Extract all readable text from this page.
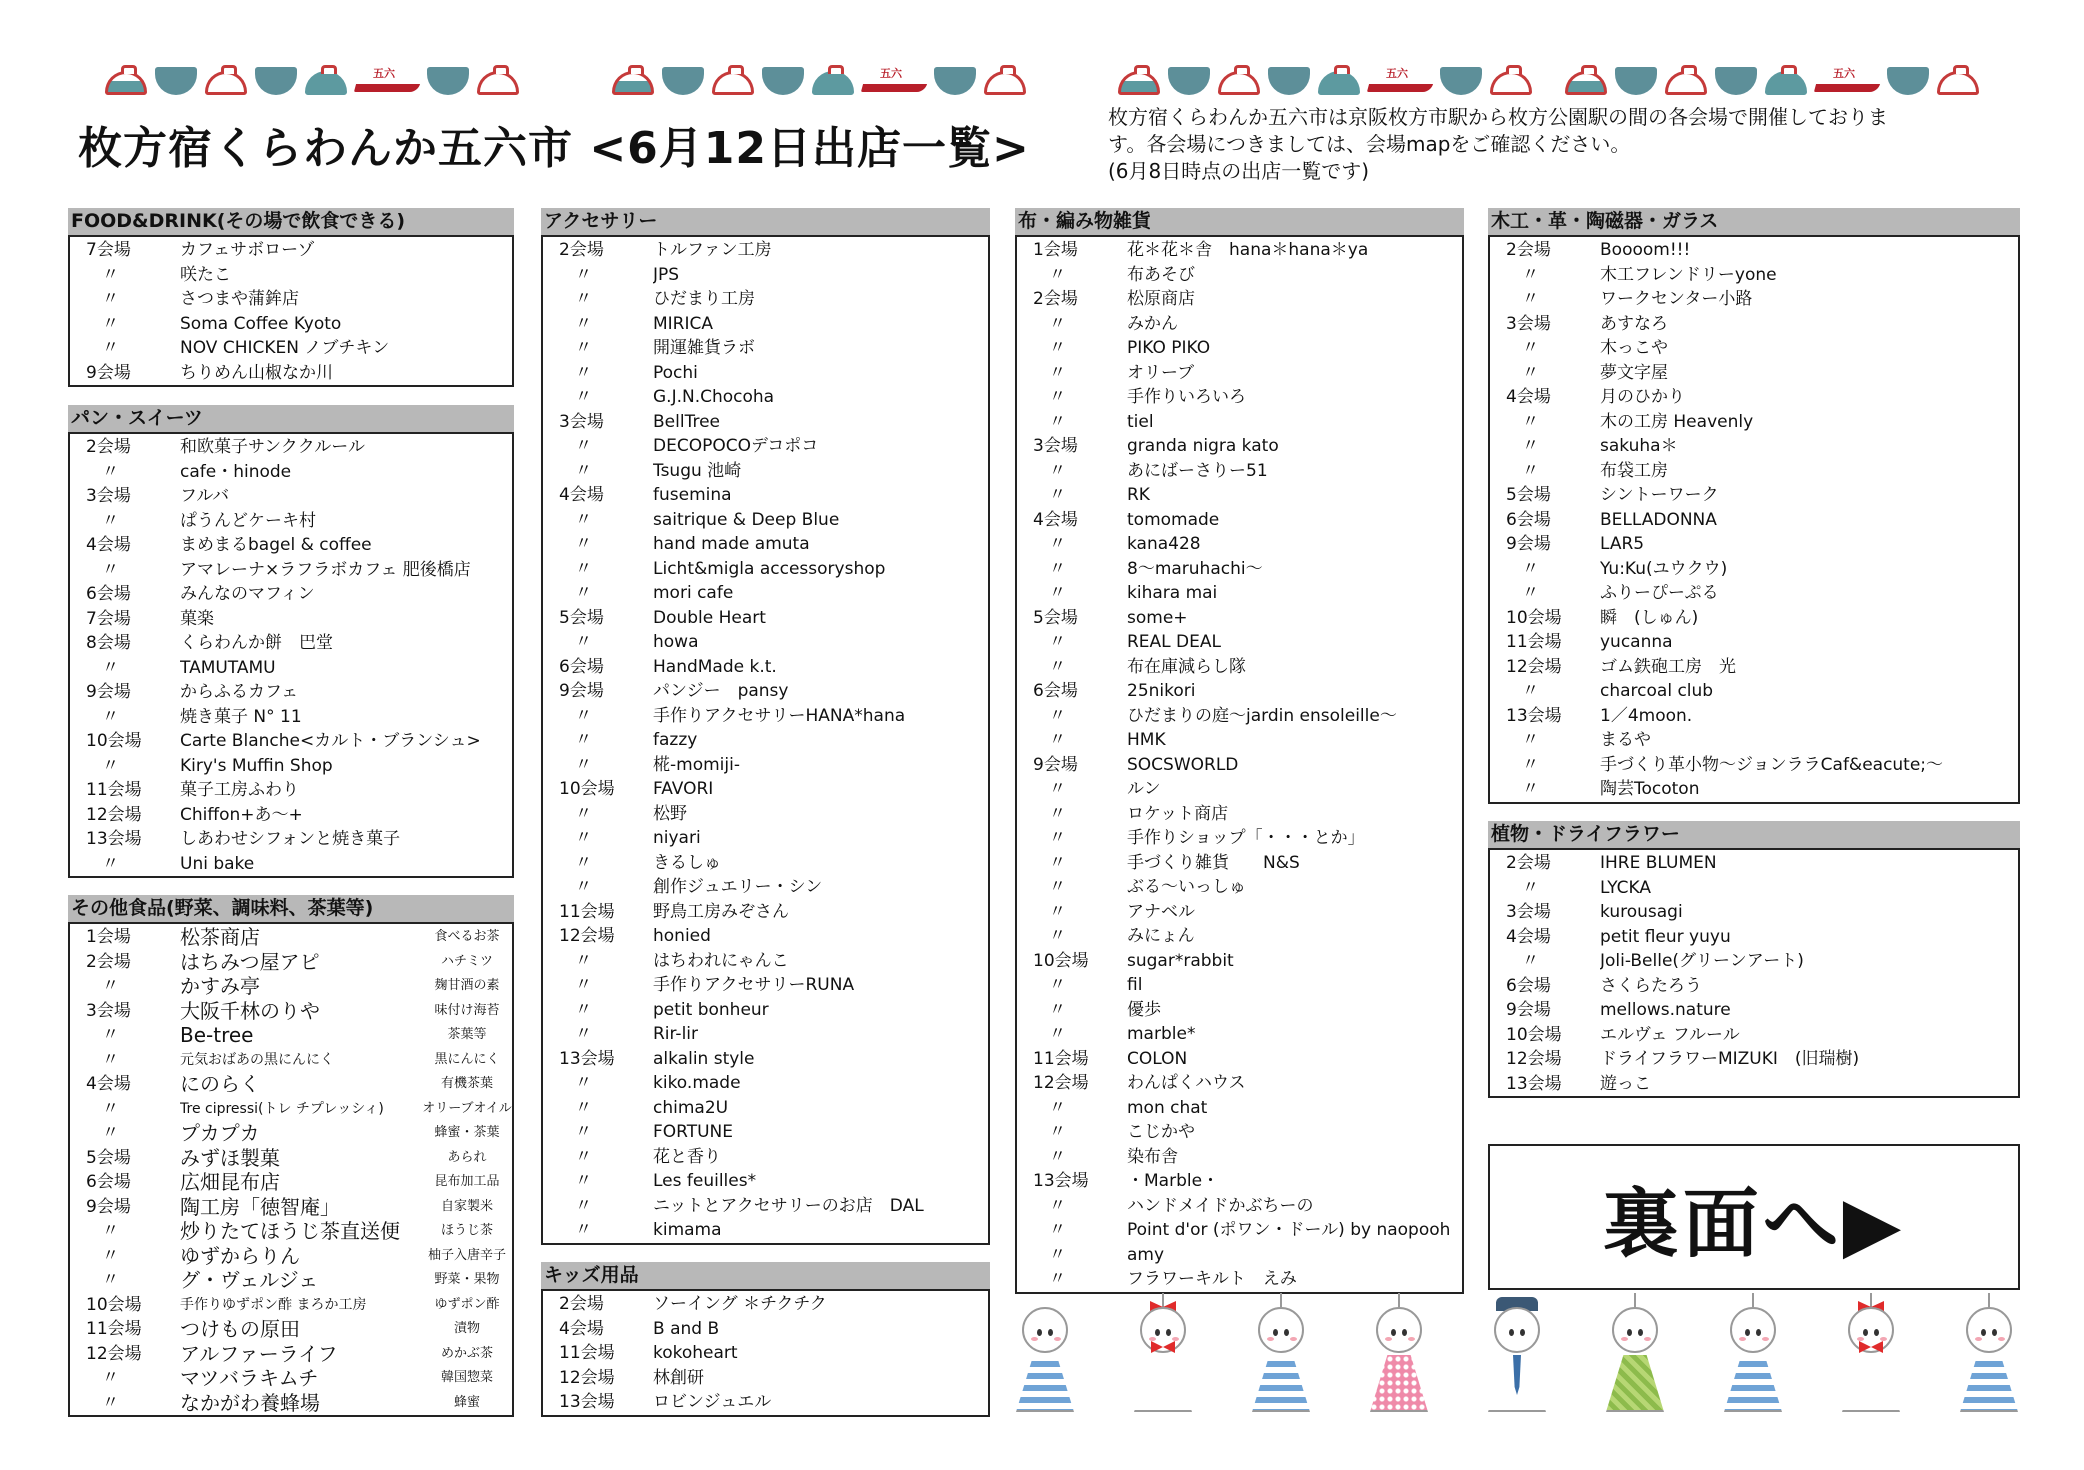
五六	五六	五六	五六
枚方宿くらわんか五六市 <6月12日出店一覧>
枚方宿くらわんか五六市は京阪枚方市駅から枚方公園駅の間の各会場で開催しておりま
す。各会場につきましては、会場mapをご確認ください。
(6月8日時点の出店一覧です)
FOOD&DRINK(その場で飲食できる)
7会場	カフェサボローゾ
〃	咲たこ
〃	さつまや蒲鉾店
〃	Soma Coffee Kyoto
〃	NOV CHICKEN ノブチキン
9会場	ちりめん山椒なか川
パン・スイーツ
2会場	和欧菓子サンククルール
〃	cafe・hinode
3会場	フルバ
〃	ぱうんどケーキ村
4会場	まめまるbagel & coffee
〃	アマレーナ×ラフラボカフェ 肥後橋店
6会場	みんなのマフィン
7会場	菓楽
8会場	くらわんか餅　巴堂
〃	TAMUTAMU
9会場	からふるカフェ
〃	焼き菓子 N° 11
10会場	Carte Blanche<カルト・ブランシュ>
〃	Kiry's Muffin Shop
11会場	菓子工房ふわり
12会場	Chiffon+あ～+
13会場	しあわせシフォンと焼き菓子
〃	Uni bake
その他食品(野菜、調味料、茶葉等)
1会場	松茶商店	食べるお茶
2会場	はちみつ屋アピ	ハチミツ
〃	かすみ亭	麹甘酒の素
3会場	大阪千林のりや	味付け海苔
〃	Be-tree	茶葉等
〃	元気おばあの黒にんにく	黒にんにく
4会場	にのらく	有機茶葉
〃	Tre cipressi(トレ チプレッシィ)	オリーブオイル
〃	プカプカ	蜂蜜・茶葉
5会場	みずほ製菓	あられ
6会場	広畑昆布店	昆布加工品
9会場	陶工房「徳智庵」	自家製米
〃	炒りたてほうじ茶直送便	ほうじ茶
〃	ゆずからりん	柚子入唐辛子
〃	グ・ヴェルジェ	野菜・果物
10会場	手作りゆずポン酢 まろか工房	ゆずポン酢
11会場	つけもの原田	漬物
12会場	アルファーライフ	めかぶ茶
〃	マツバラキムチ	韓国惣菜
〃	なかがわ養蜂場	蜂蜜
アクセサリー
2会場	トルファン工房
〃	JPS
〃	ひだまり工房
〃	MIRICA
〃	開運雑貨ラボ
〃	Pochi
〃	G.J.N.Chocoha
3会場	BellTree
〃	DECOPOCOデコポコ
〃	Tsugu 池崎
4会場	fusemina
〃	saitrique & Deep Blue
〃	hand made amuta
〃	Licht&migla accessoryshop
〃	mori cafe
5会場	Double Heart
〃	howa
6会場	HandMade k.t.
9会場	パンジー　pansy
〃	手作りアクセサリーHANA*hana
〃	fazzy
〃	椛-momiji-
10会場	FAVORI
〃	松野
〃	niyari
〃	きるしゅ
〃	創作ジュエリー・シン
11会場	野鳥工房みぞさん
12会場	honied
〃	はちわれにゃんこ
〃	手作りアクセサリーRUNA
〃	petit bonheur
〃	Rir-lir
13会場	alkalin style
〃	kiko.made
〃	chima2U
〃	FORTUNE
〃	花と香り
〃	Les feuilles*
〃	ニットとアクセサリーのお店　DAL
〃	kimama
キッズ用品
2会場	ソーイング ＊チクチク
4会場	B and B
11会場	kokoheart
12会場	林創研
13会場	ロビンジュエル
布・編み物雑貨
1会場	花＊花＊舎　hana＊hana＊ya
〃	布あそび
2会場	松原商店
〃	みかん
〃	PIKO PIKO
〃	オリーブ
〃	手作りいろいろ
〃	tiel
3会場	granda nigra kato
〃	あにばーさりー51
〃	RK
4会場	tomomade
〃	kana428
〃	8～maruhachi～
〃	kihara mai
5会場	some+
〃	REAL DEAL
〃	布在庫減らし隊
6会場	25nikori
〃	ひだまりの庭～jardin ensoleille～
〃	HMK
9会場	SOCSWORLD
〃	ルン
〃	ロケット商店
〃	手作りショップ「・・・とか」
〃	手づくり雑貨　　N&S
〃	ぶる～いっしゅ
〃	アナベル
〃	みにょん
10会場	sugar*rabbit
〃	fil
〃	優歩
〃	marble*
11会場	COLON
12会場	わんぱくハウス
〃	mon chat
〃	こじかや
〃	染布舎
13会場	・Marble・
〃	ハンドメイドかぶちーの
〃	Point d'or (ポワン・ドール) by naopooh
〃	amy
〃	フラワーキルト　えみ
木工・革・陶磁器・ガラス
2会場	Boooom!!!
〃	木工フレンドリーyone
〃	ワークセンター小路
3会場	あすなろ
〃	木っこや
〃	夢文字屋
4会場	月のひかり
〃	木の工房 Heavenly
〃	sakuha＊
〃	布袋工房
5会場	シントーワーク
6会場	BELLADONNA
9会場	LAR5
〃	Yu:Ku(ユウクウ)
〃	ふりーぴーぷる
10会場	瞬　(しゅん)
11会場	yucanna
12会場	ゴム鉄砲工房　光
〃	charcoal club
13会場	1／4moon.
〃	まるや
〃	手づくり革小物～ジョンララCaf&eacute;～
〃	陶芸Tocoton
植物・ドライフラワー
2会場	IHRE BLUMEN
〃	LYCKA
3会場	kurousagi
4会場	petit fleur yuyu
〃	Joli-Belle(グリーンアート)
6会場	さくらたろう
9会場	mellows.nature
10会場	エルヴェ フルール
12会場	ドライフラワーMIZUKI　(旧瑞樹)
13会場	遊っこ
裏面へ▶
